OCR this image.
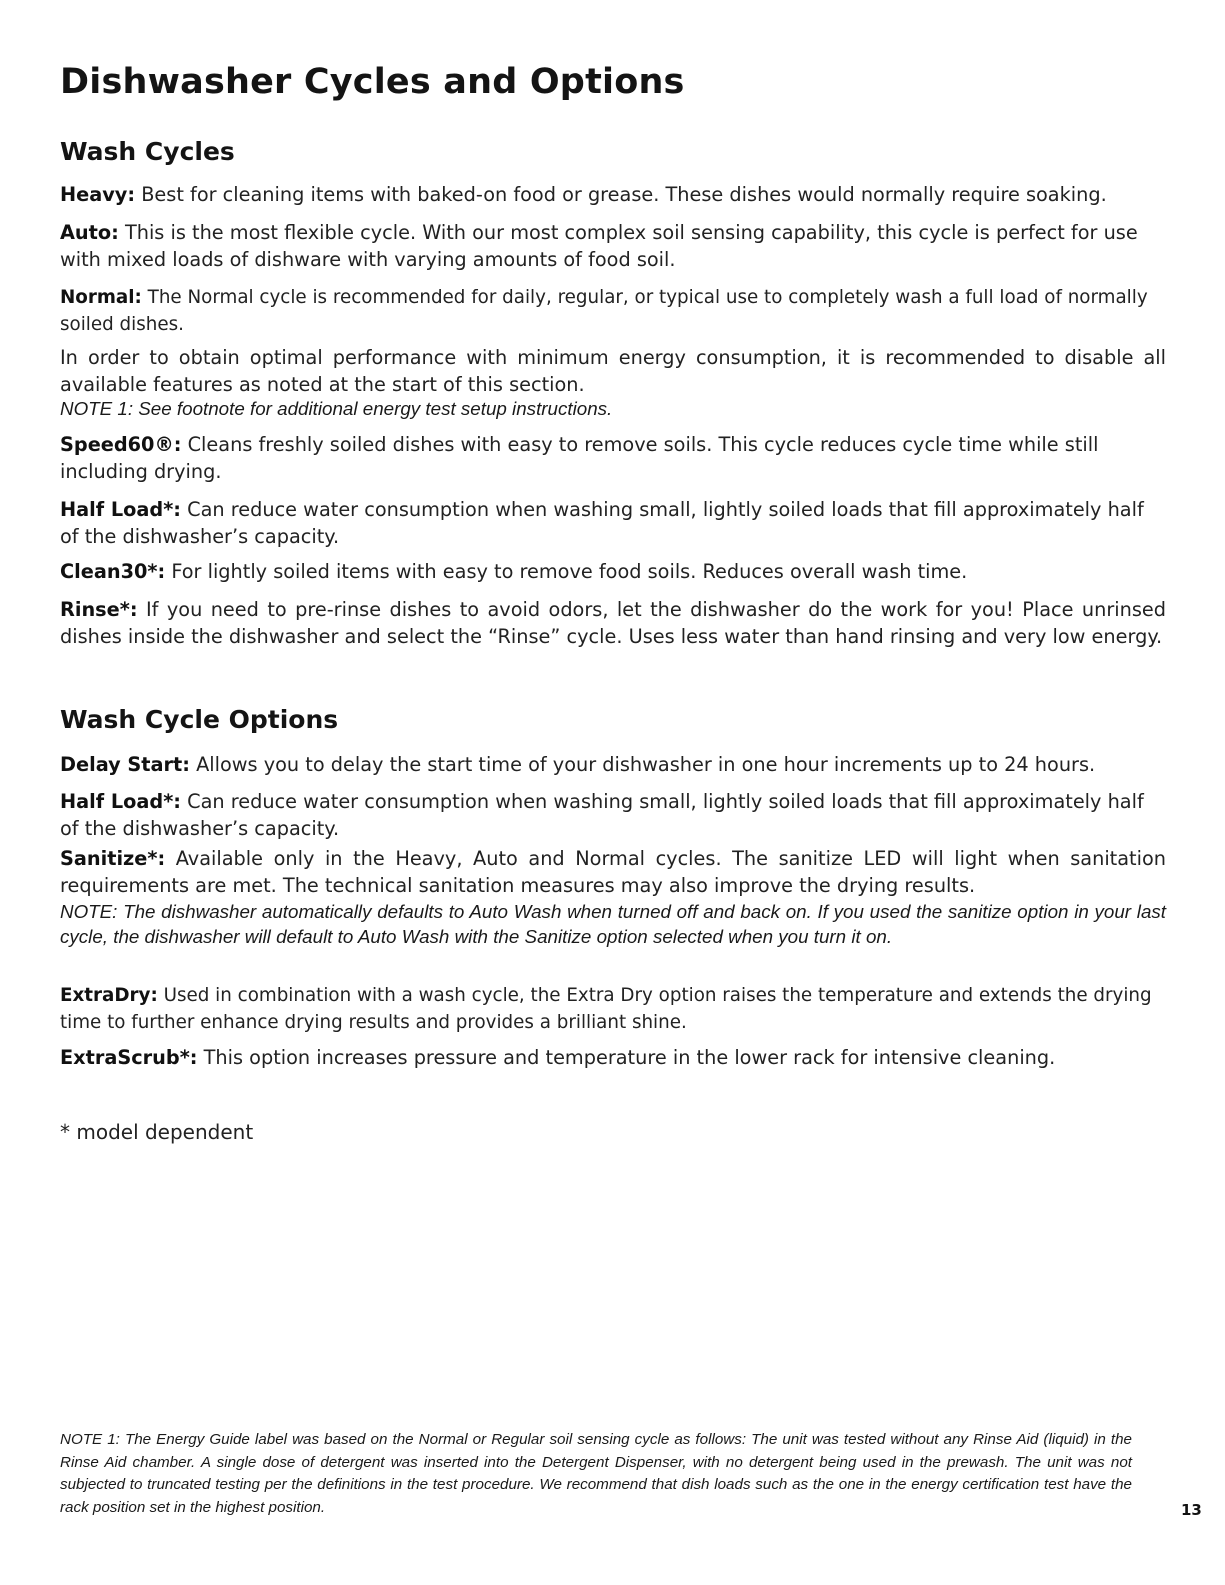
Dishwasher Cycles and Options
Wash Cycles

Heavy: Best for cleaning items with baked-on food or grease. These dishes would normally require soaking.

Auto: This is the most flexible cycle. With our most complex soil sensing capability, this cycle is perfect for use with mixed loads of dishware with varying amounts of food soil.

Normal: The Normal cycle is recommended for daily, regular, or typical use to completely wash a full load of normally soiled dishes.

In order to obtain optimal performance with minimum energy consumption, it is recommended to disable all available features as noted at the start of this section.

NOTE 1: See footnote for additional energy test setup instructions.

Speed60®: Cleans freshly soiled dishes with easy to remove soils. This cycle reduces cycle time while still including drying.

Half Load*: Can reduce water consumption when washing small, lightly soiled loads that fill approximately half of the dishwasher’s capacity.

Clean30*: For lightly soiled items with easy to remove food soils. Reduces overall wash time.

Rinse*: If you need to pre-rinse dishes to avoid odors, let the dishwasher do the work for you! Place unrinsed dishes inside the dishwasher and select the “Rinse” cycle. Uses less water than hand rinsing and very low energy.

Wash Cycle Options

Delay Start: Allows you to delay the start time of your dishwasher in one hour increments up to 24 hours.

Half Load*: Can reduce water consumption when washing small, lightly soiled loads that fill approximately half of the dishwasher’s capacity.

Sanitize*: Available only in the Heavy, Auto and Normal cycles. The sanitize LED will light when sanitation requirements are met. The technical sanitation measures may also improve the drying results.

NOTE: The dishwasher automatically defaults to Auto Wash when turned off and back on. If you used the sanitize option in your last cycle, the dishwasher will default to Auto Wash with the Sanitize option selected when you turn it on.

ExtraDry: Used in combination with a wash cycle, the Extra Dry option raises the temperature and extends the drying time to further enhance drying results and provides a brilliant shine.

ExtraScrub*: This option increases pressure and temperature in the lower rack for intensive cleaning.

* model dependent

NOTE 1: The Energy Guide label was based on the Normal or Regular soil sensing cycle as follows: The unit was tested without any Rinse Aid (liquid) in the Rinse Aid chamber. A single dose of detergent was inserted into the Detergent Dispenser, with no detergent being used in the prewash. The unit was not subjected to truncated testing per the definitions in the test procedure. We recommend that dish loads such as the one in the energy certification test have the rack position set in the highest position.	13
